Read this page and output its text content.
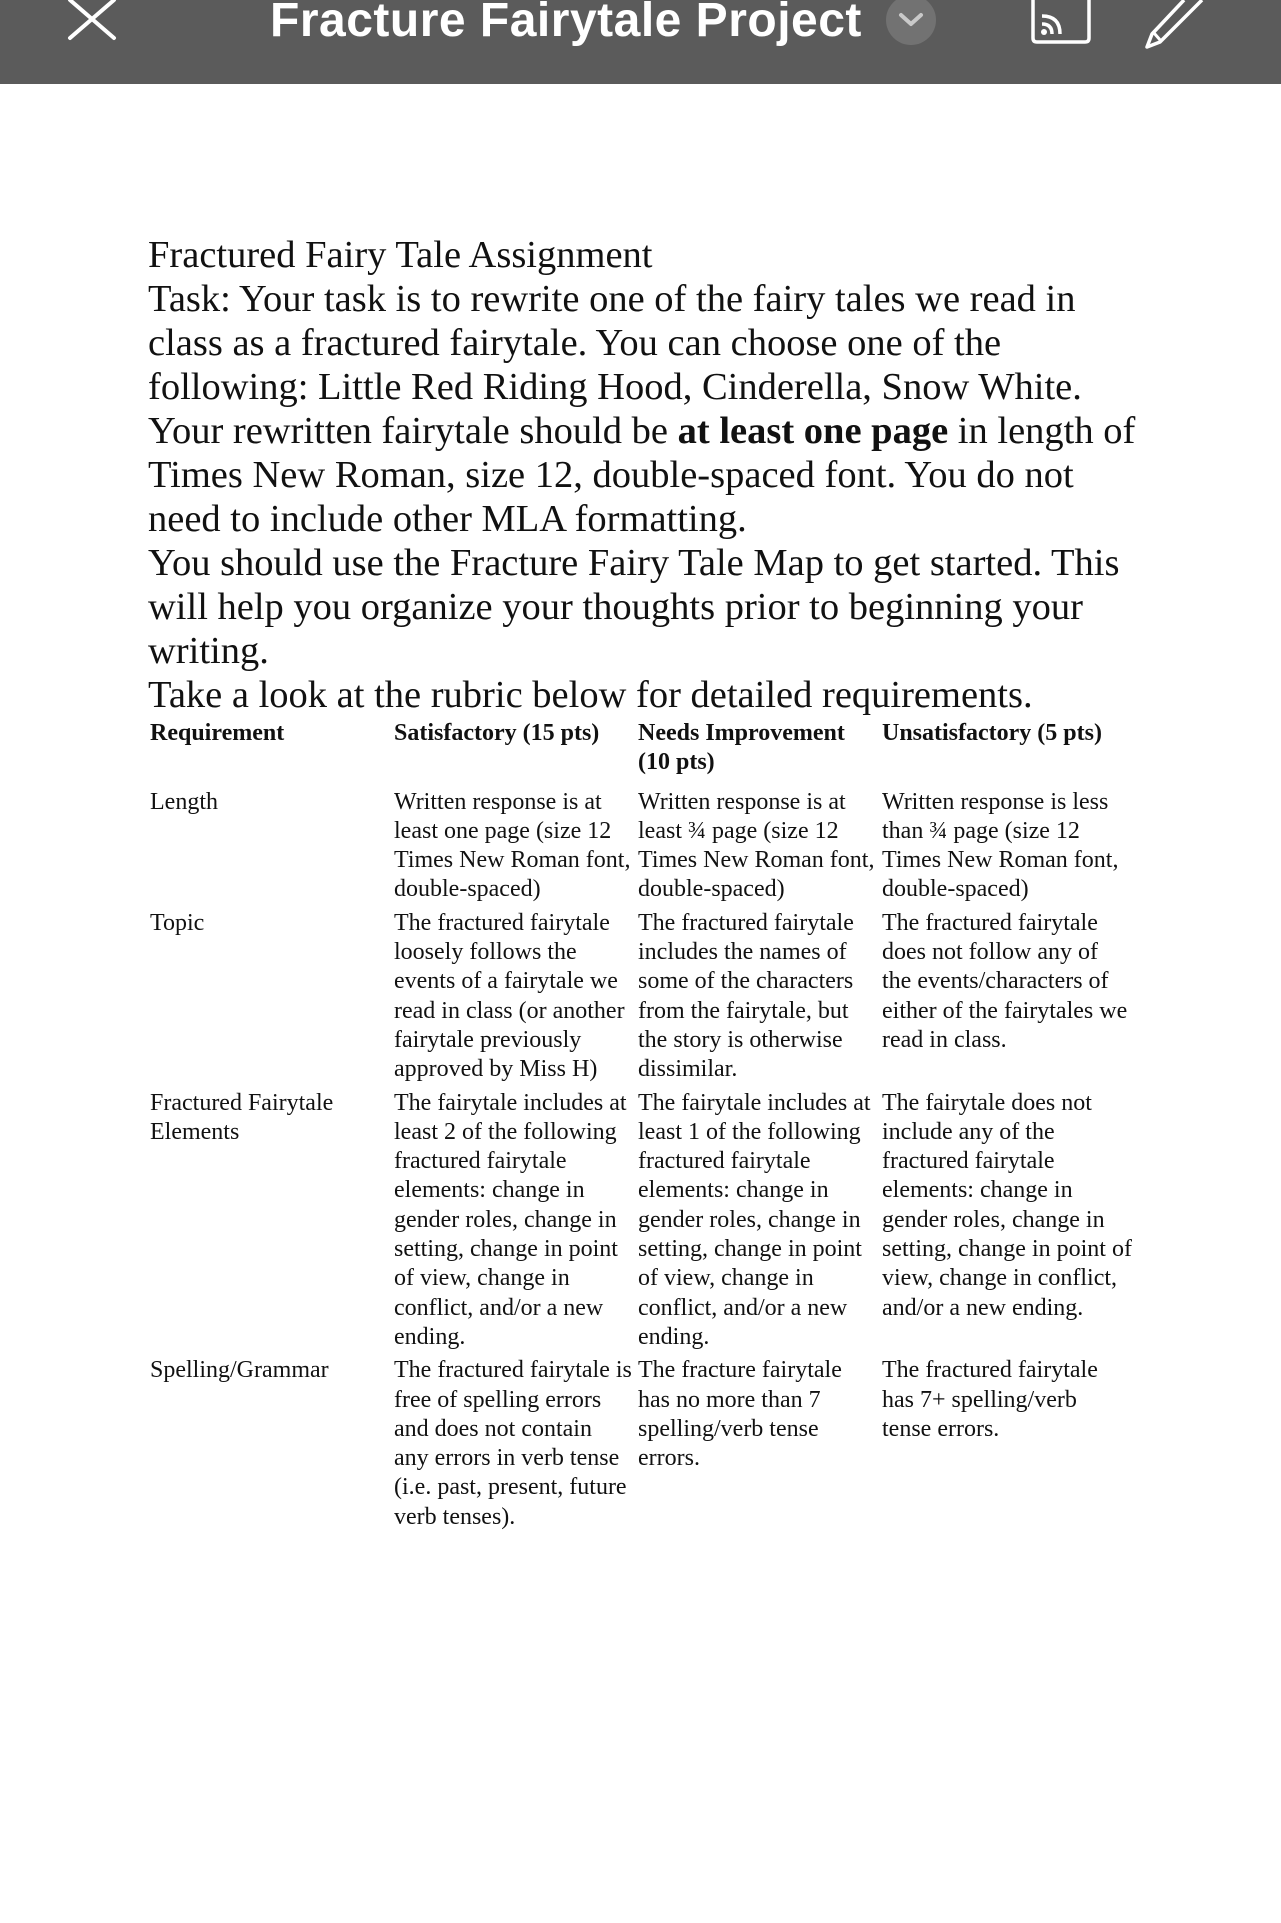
Fracture Fairytale Project

Fractured Fairy Tale Assignment

Task: Your task is to rewrite one of the fairy tales we read in class as a fractured fairytale. You can choose one of the following: Little Red Riding Hood, Cinderella, Snow White.

Your rewritten fairytale should be at least one page in length of Times New Roman, size 12, double-spaced font. You do not need to include other MLA formatting.

You should use the Fracture Fairy Tale Map to get started. This will help you organize your thoughts prior to beginning your writing.

Take a look at the rubric below for detailed requirements.

Requirement	Satisfactory (15 pts)	Needs Improvement (10 pts)	Unsatisfactory (5 pts)
Length	Written response is at least one page (size 12 Times New Roman font, double-spaced)	Written response is at least ¾ page (size 12 Times New Roman font, double-spaced)	Written response is less than ¾ page (size 12 Times New Roman font, double-spaced)
Topic	The fractured fairytale loosely follows the events of a fairytale we read in class (or another fairytale previously approved by Miss H)	The fractured fairytale includes the names of some of the characters from the fairytale, but the story is otherwise dissimilar.	The fractured fairytale does not follow any of the events/characters of either of the fairytales we read in class.
Fractured Fairytale Elements	The fairytale includes at least 2 of the following fractured fairytale elements: change in gender roles, change in setting, change in point of view, change in conflict, and/or a new ending.	The fairytale includes at least 1 of the following fractured fairytale elements: change in gender roles, change in setting, change in point of view, change in conflict, and/or a new ending.	The fairytale does not include any of the fractured fairytale elements: change in gender roles, change in setting, change in point of view, change in conflict, and/or a new ending.
Spelling/Grammar	The fractured fairytale is free of spelling errors and does not contain any errors in verb tense (i.e. past, present, future verb tenses).	The fracture fairytale has no more than 7 spelling/verb tense errors.	The fractured fairytale has 7+ spelling/verb tense errors.
